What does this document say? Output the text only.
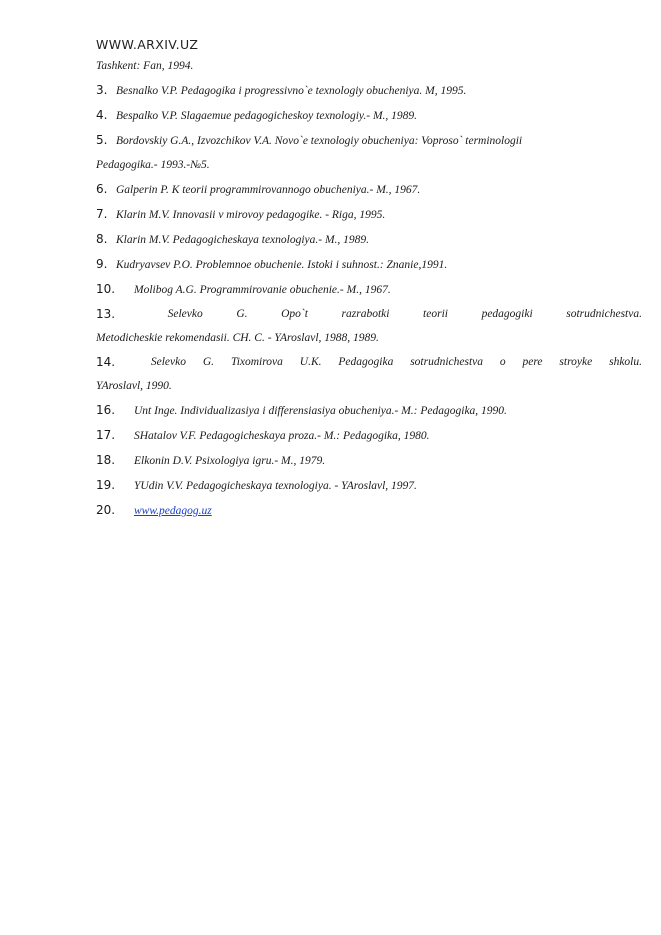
WWW.ARXIV.UZ
Tashkent: Fan, 1994.
3. Besnalko V.P. Pedagogika i progressivno`e texnologiy obucheniya. M, 1995.
4. Bespalko V.P. Slagaemue pedagogicheskoy texnologiy.- M., 1989.
5. Bordovskiy G.A., Izvozchikov V.A. Novo`e texnologiy obucheniya: Voproso` terminologii
Pedagogika.- 1993.-№5.
6. Galperin P. K teorii programmirovannogo obucheniya.- M., 1967.
7. Klarin M.V. Innovasii v mirovoy pedagogike. - Riga, 1995.
8. Klarin M.V. Pedagogicheskaya texnologiya.- M., 1989.
9. Kudryavsev P.O. Problemnoe obuchenie. Istoki i suhnost.: Znanie,1991.
10. Molibog A.G. Programmirovanie obuchenie.- M., 1967.
13.	Selevko	G.	Opo`t	razrabotki	teorii	pedagogiki	sotrudnichestva.
Metodicheskie rekomendasii. CH. C. - YAroslavl, 1988, 1989.
14.	Selevko G. Tixomirova U.K. Pedagogika sotrudnichestva o pere stroyke shkolu.
YAroslavl, 1990.
16. Unt Inge. Individualizasiya i differensiasiya obucheniya.- M.: Pedagogika, 1990.
17. SHatalov V.F. Pedagogicheskaya proza.- M.: Pedagogika, 1980.
18. Elkonin D.V. Psixologiya igru.- M., 1979.
19. YUdin V.V. Pedagogicheskaya texnologiya. - YAroslavl, 1997.
20. www.pedagog.uz
